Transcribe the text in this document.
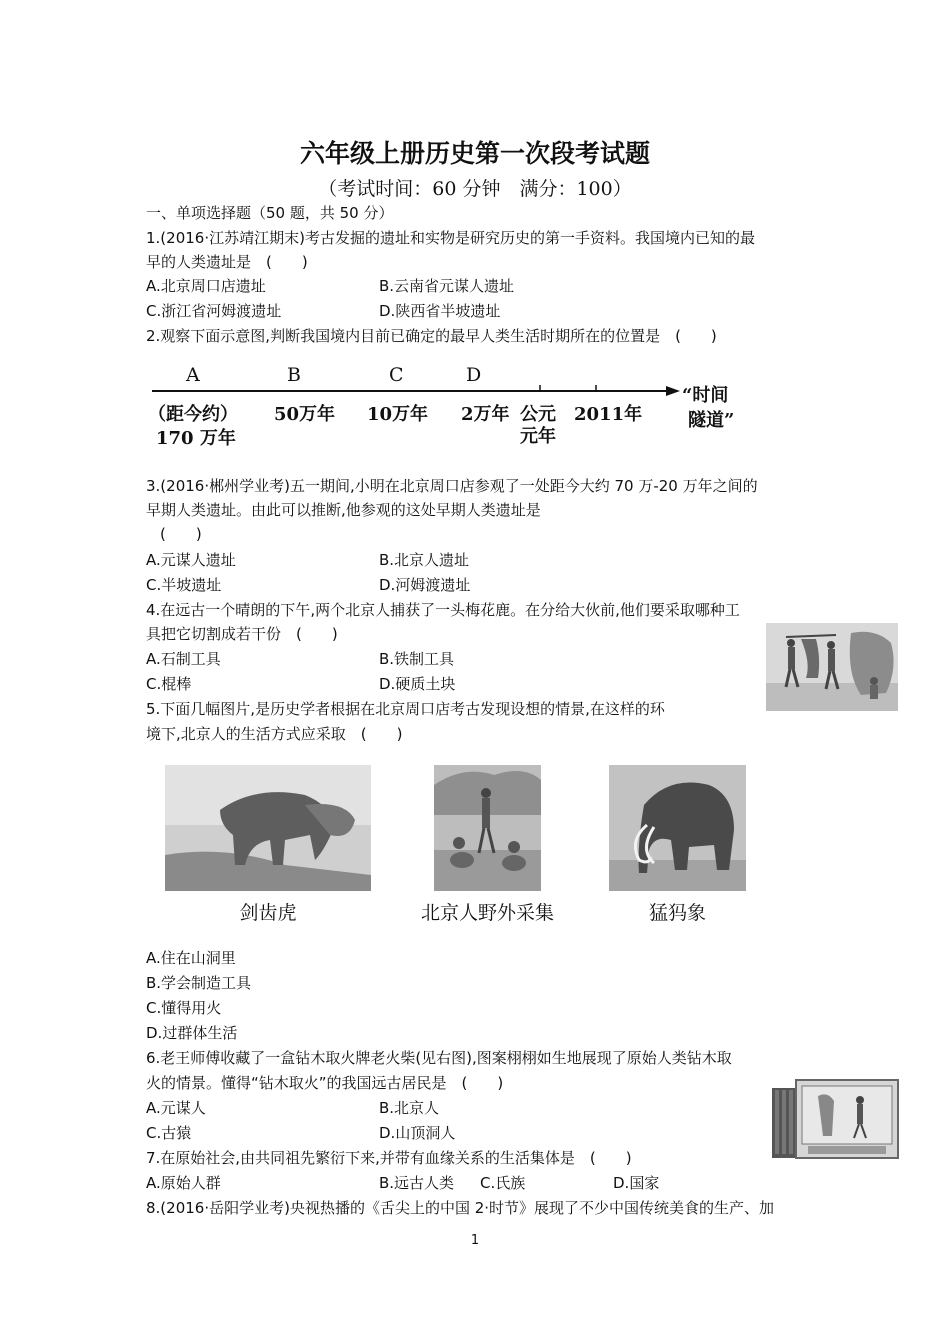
六年级上册历史第一次段考试题
（考试时间：60 分钟　满分：100）
一、单项选择题（50 题，共 50 分）
1.(2016·江苏靖江期末)考古发掘的遗址和实物是研究历史的第一手资料。我国境内已知的最
早的人类遗址是　(　　)
A.北京周口店遗址	B.云南省元谋人遗址
C.浙江省河姆渡遗址	D.陕西省半坡遗址
2.观察下面示意图,判断我国境内目前已确定的最早人类生活时期所在的位置是　(　　)
A	B	C	D
（距今约）
170 万年
50万年 10万年 2万年 公元
元年
2011年
“时间
隧道”
3.(2016·郴州学业考)五一期间,小明在北京周口店参观了一处距今大约 70 万-20 万年之间的
早期人类遗址。由此可以推断,他参观的这处早期人类遗址是
(　　)
A.元谋人遗址	B.北京人遗址
C.半坡遗址	D.河姆渡遗址
4.在远古一个晴朗的下午,两个北京人捕获了一头梅花鹿。在分给大伙前,他们要采取哪种工
具把它切割成若干份　(　　)
A.石制工具	B.铁制工具
C.棍棒	D.硬质土块
5.下面几幅图片,是历史学者根据在北京周口店考古发现设想的情景,在这样的环
境下,北京人的生活方式应采取　(　　)
剑齿虎	北京人野外采集	猛犸象
A.住在山洞里
B.学会制造工具
C.懂得用火
D.过群体生活
6.老王师傅收藏了一盒钻木取火牌老火柴(见右图),图案栩栩如生地展现了原始人类钻木取
火的情景。懂得“钻木取火”的我国远古居民是　(　　)
A.元谋人	B.北京人
C.古猿	D.山顶洞人
7.在原始社会,由共同祖先繁衍下来,并带有血缘关系的生活集体是　(　　)
A.原始人群	B.远古人类 C.氏族	D.国家
8.(2016·岳阳学业考)央视热播的《舌尖上的中国 2·时节》展现了不少中国传统美食的生产、加
1
